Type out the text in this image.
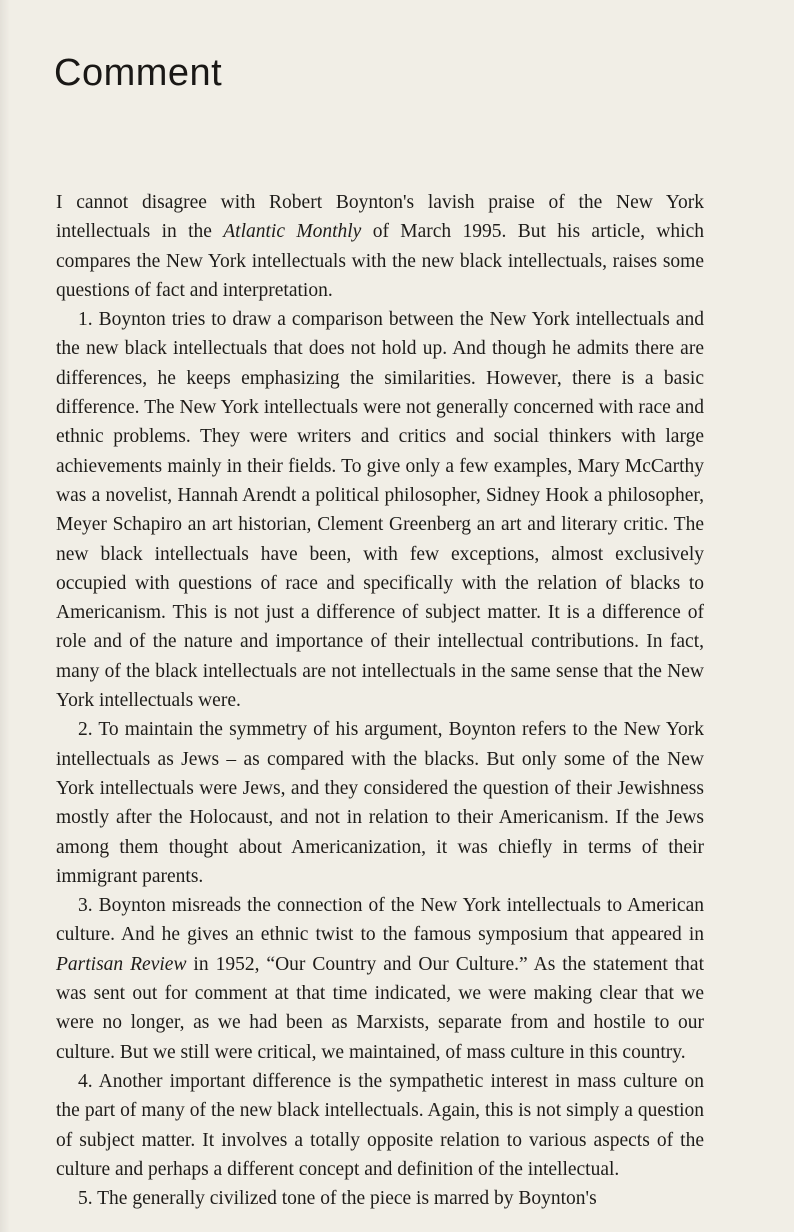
Comment

I cannot disagree with Robert Boynton's lavish praise of the New York intellectuals in the Atlantic Monthly of March 1995. But his article, which compares the New York intellectuals with the new black intellectuals, raises some questions of fact and interpretation.

1. Boynton tries to draw a comparison between the New York intellectuals and the new black intellectuals that does not hold up. And though he admits there are differences, he keeps emphasizing the similarities. However, there is a basic difference. The New York intellectuals were not generally concerned with race and ethnic problems. They were writers and critics and social thinkers with large achievements mainly in their fields. To give only a few examples, Mary McCarthy was a novelist, Hannah Arendt a political philosopher, Sidney Hook a philosopher, Meyer Schapiro an art historian, Clement Greenberg an art and literary critic. The new black intellectuals have been, with few exceptions, almost exclusively occupied with questions of race and specifically with the relation of blacks to Americanism. This is not just a difference of subject matter. It is a difference of role and of the nature and importance of their intellectual contributions. In fact, many of the black intellectuals are not intellectuals in the same sense that the New York intellectuals were.

2. To maintain the symmetry of his argument, Boynton refers to the New York intellectuals as Jews – as compared with the blacks. But only some of the New York intellectuals were Jews, and they considered the question of their Jewishness mostly after the Holocaust, and not in relation to their Americanism. If the Jews among them thought about Americanization, it was chiefly in terms of their immigrant parents.

3. Boynton misreads the connection of the New York intellectuals to American culture. And he gives an ethnic twist to the famous symposium that appeared in Partisan Review in 1952, “Our Country and Our Culture.” As the statement that was sent out for comment at that time indicated, we were making clear that we were no longer, as we had been as Marxists, separate from and hostile to our culture. But we still were critical, we maintained, of mass culture in this country.

4. Another important difference is the sympathetic interest in mass culture on the part of many of the new black intellectuals. Again, this is not simply a question of subject matter. It involves a totally opposite relation to various aspects of the culture and perhaps a different concept and definition of the intellectual.

5. The generally civilized tone of the piece is marred by Boynton's
